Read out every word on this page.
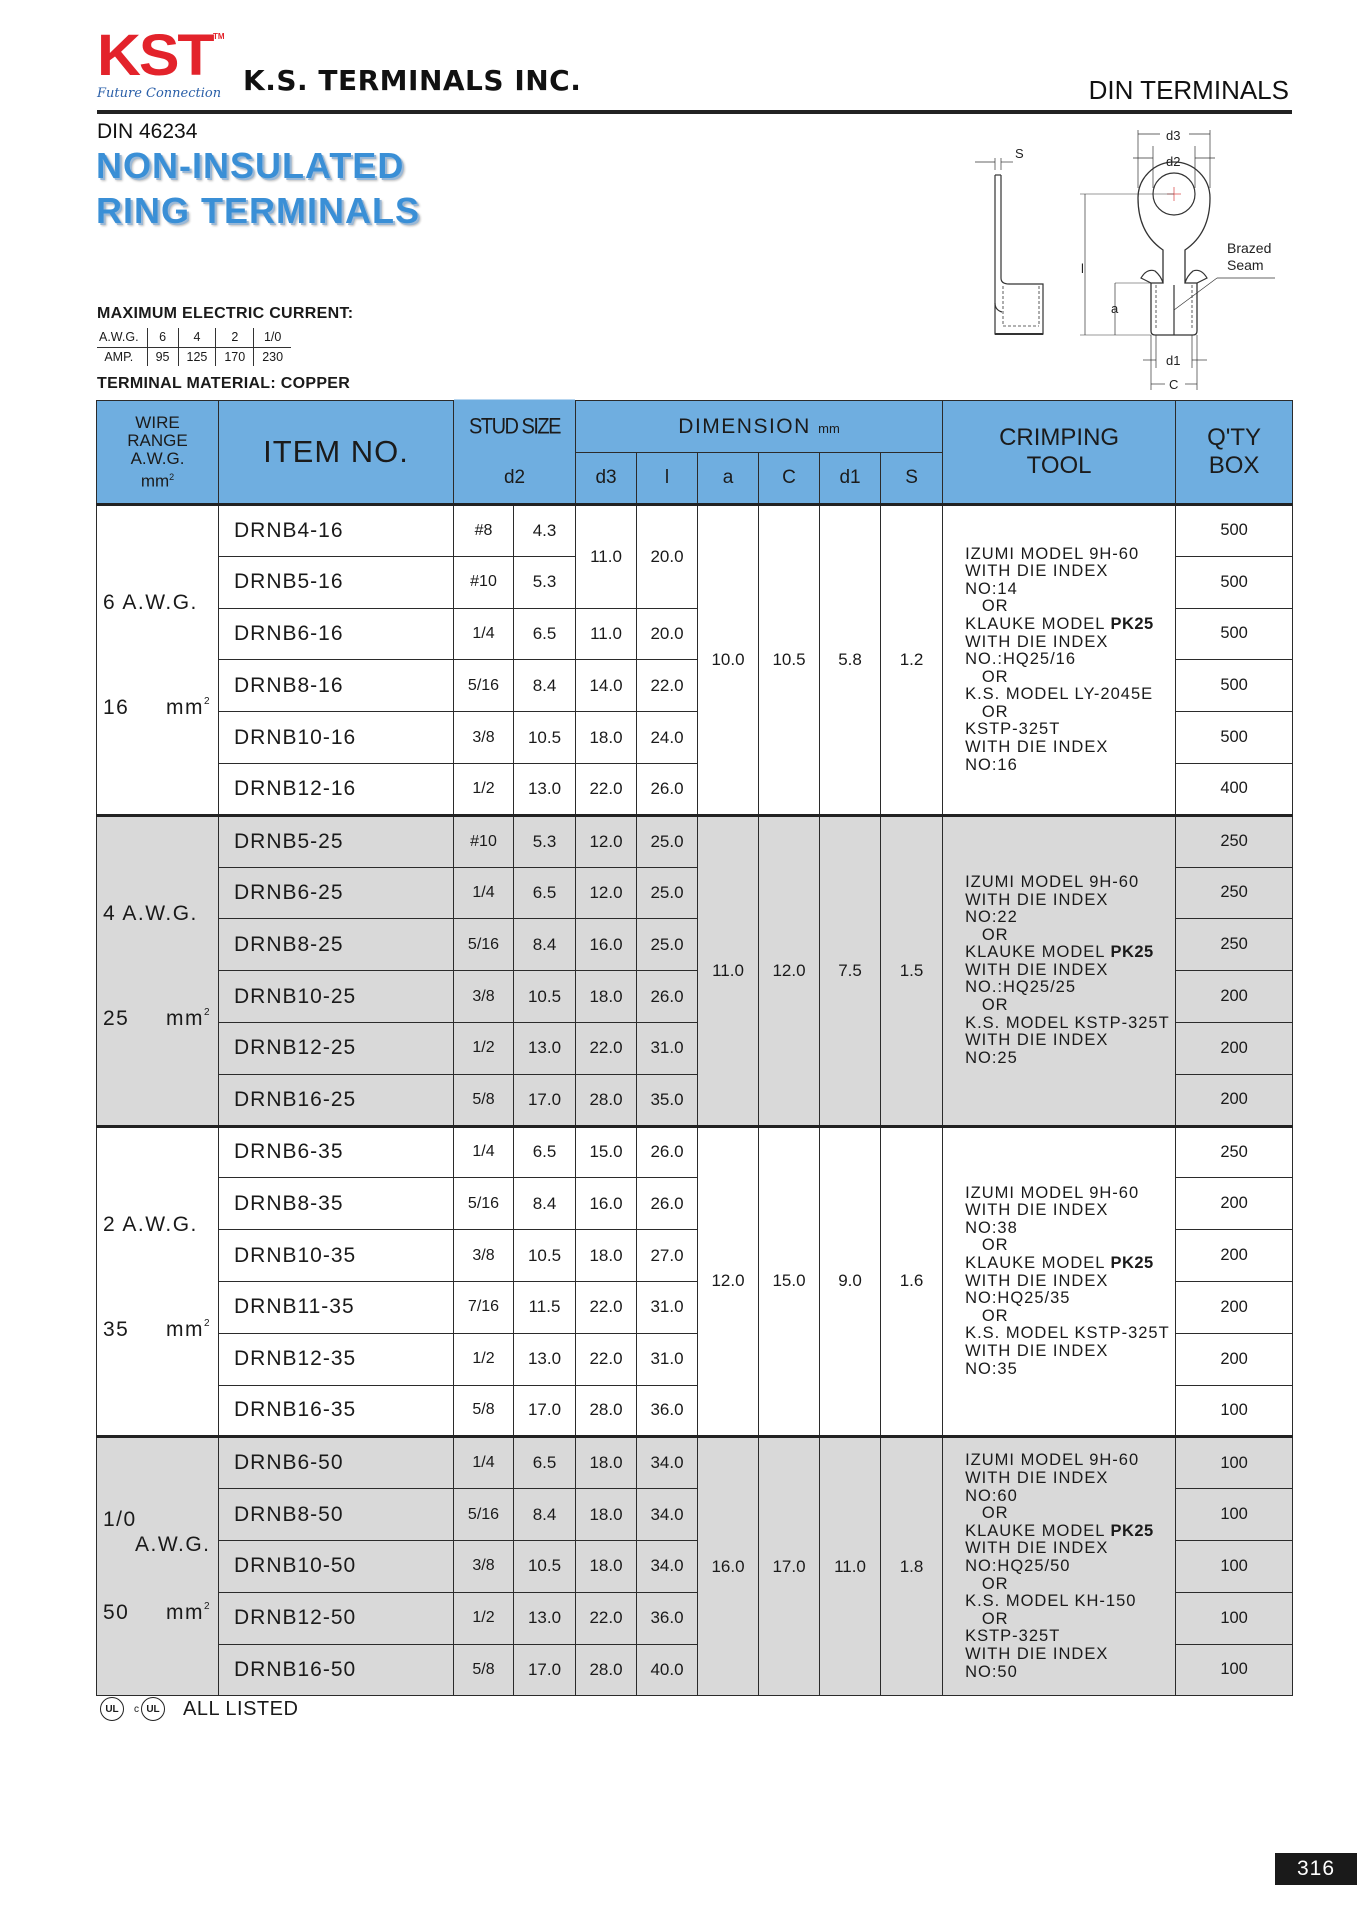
KST TM
Future Connection K.S. TERMINALS INC.	DIN TERMINALS
DIN 46234
NON-INSULATED
RING TERMINALS
S
d3
d2
l
a
d1
C
Brazed
Seam
MAXIMUM ELECTRIC CURRENT:
A.W.G.	6	4	2	1/0
AMP.	95	125	170	230
TERMINAL MATERIAL: COPPER
WIRE
RANGE
A.W.G.
$mm^2$	ITEM NO.	STUD SIZE		DIMENSION mm						CRIMPING
TOOL	Q'TY
BOX
		d2		d3	l	a	C	d1	S		

6 A.W.G.
16 $mm^2$
	DRNB4-16	#8	4.3	11.0	20.0	10.0	10.5	5.8	1.2	IZUMI MODEL 9H-60
WITH DIE INDEX
NO:14
OR
KLAUKE MODEL PK25
WITH DIE INDEX
NO.:HQ25/16
OR
K.S. MODEL LY-2045E
OR
KSTP-325T
WITH DIE INDEX
NO:16	500
	DRNB5-16	#10	5.3								500
	DRNB6-16	1/4	6.5	11.0	20.0						500
	DRNB8-16	5/16	8.4	14.0	22.0						500
	DRNB10-16	3/8	10.5	18.0	24.0						500
	DRNB12-16	1/2	13.0	22.0	26.0						400

4 A.W.G.
25 $mm^2$
	DRNB5-25	#10	5.3	12.0	25.0	11.0	12.0	7.5	1.5	IZUMI MODEL 9H-60
WITH DIE INDEX
NO:22
OR
KLAUKE MODEL PK25
WITH DIE INDEX
NO.:HQ25/25
OR
K.S. MODEL KSTP-325T
WITH DIE INDEX
NO:25	250
	DRNB6-25	1/4	6.5	12.0	25.0						250
	DRNB8-25	5/16	8.4	16.0	25.0						250
	DRNB10-25	3/8	10.5	18.0	26.0						200
	DRNB12-25	1/2	13.0	22.0	31.0						200
	DRNB16-25	5/8	17.0	28.0	35.0						200

2 A.W.G.
35 $mm^2$
	DRNB6-35	1/4	6.5	15.0	26.0	12.0	15.0	9.0	1.6	IZUMI MODEL 9H-60
WITH DIE INDEX
NO:38
OR
KLAUKE MODEL PK25
WITH DIE INDEX
NO:HQ25/35
OR
K.S. MODEL KSTP-325T
WITH DIE INDEX
NO:35	250
	DRNB8-35	5/16	8.4	16.0	26.0						200
	DRNB10-35	3/8	10.5	18.0	27.0						200
	DRNB11-35	7/16	11.5	22.0	31.0						200
	DRNB12-35	1/2	13.0	22.0	31.0						200
	DRNB16-35	5/8	17.0	28.0	36.0						100

1/0
A.W.G.
50 $mm^2$
	DRNB6-50	1/4	6.5	18.0	34.0	16.0	17.0	11.0	1.8	IZUMI MODEL 9H-60
WITH DIE INDEX
NO:60
OR
KLAUKE MODEL PK25
WITH DIE INDEX
NO:HQ25/50
OR
K.S. MODEL KH-150
OR
KSTP-325T
WITH DIE INDEX
NO:50	100
	DRNB8-50	5/16	8.4	18.0	34.0						100
	DRNB10-50	3/8	10.5	18.0	34.0						100
	DRNB12-50	1/2	13.0	22.0	36.0						100
	DRNB16-50	5/8	17.0	28.0	40.0						100
UL	c UL ALL LISTED
316
